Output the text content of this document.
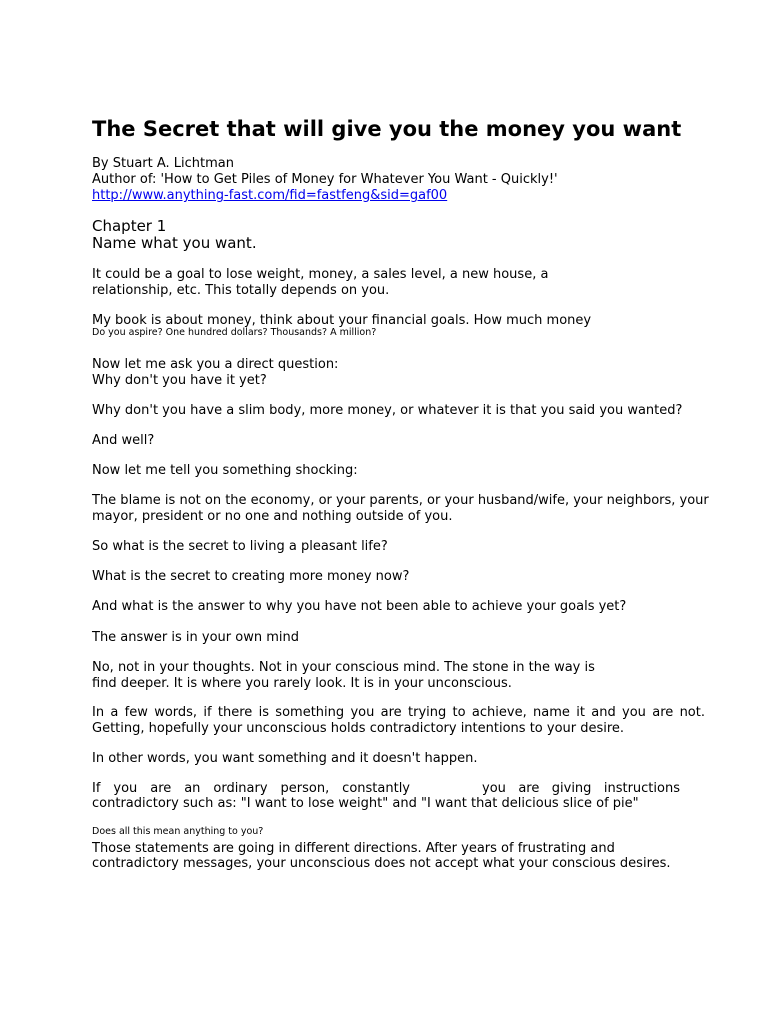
The Secret that will give you the money you want

By Stuart A. Lichtman

Author of: 'How to Get Piles of Money for Whatever You Want - Quickly!'

http://www.anything-fast.com/fid=fastfeng&sid=gaf00

Chapter 1

Name what you want.

It could be a goal to lose weight, money, a sales level, a new house, a

relationship, etc. This totally depends on you.

My book is about money, think about your financial goals. How much money

Do you aspire? One hundred dollars? Thousands? A million?

Now let me ask you a direct question:

Why don't you have it yet?

Why don't you have a slim body, more money, or whatever it is that you said you wanted?

And well?

Now let me tell you something shocking:

The blame is not on the economy, or your parents, or your husband/wife, your neighbors, your

mayor, president or no one and nothing outside of you.

So what is the secret to living a pleasant life?

What is the secret to creating more money now?

And what is the answer to why you have not been able to achieve your goals yet?

The answer is in your own mind

No, not in your thoughts. Not in your conscious mind. The stone in the way is

find deeper. It is where you rarely look. It is in your unconscious.

In a few words, if there is something you are trying to achieve, name it and you are not.

Getting, hopefully your unconscious holds contradictory intentions to your desire.

In other words, you want something and it doesn't happen.

If you are an ordinary person, constantly	you are giving instructions

contradictory such as: "I want to lose weight" and "I want that delicious slice of pie"

Does all this mean anything to you?

Those statements are going in different directions. After years of frustrating and

contradictory messages, your unconscious does not accept what your conscious desires.
